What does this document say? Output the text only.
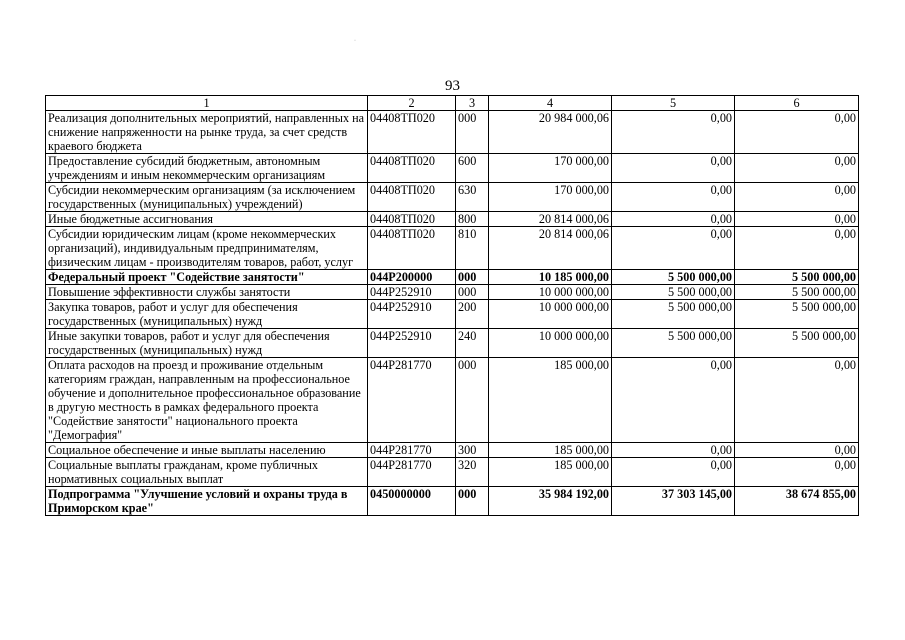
·
93
1	2	3	4	5	6
Реализация дополнительных мероприятий, направленных на снижение напряженности на рынке труда, за счет средств краевого бюджета	04408ТП020	000	20 984 000,06	0,00	0,00
Предоставление субсидий бюджетным, автономным учреждениям и иным некоммерческим организациям	04408ТП020	600	170 000,00	0,00	0,00
Субсидии некоммерческим организациям (за исключением государственных (муниципальных) учреждений)	04408ТП020	630	170 000,00	0,00	0,00
Иные бюджетные ассигнования	04408ТП020	800	20 814 000,06	0,00	0,00
Субсидии юридическим лицам (кроме некоммерческих организаций), индивидуальным предпринимателям, физическим лицам - производителям товаров, работ, услуг	04408ТП020	810	20 814 000,06	0,00	0,00
Федеральный проект "Содействие занятости"	044Р200000	000	10 185 000,00	5 500 000,00	5 500 000,00
Повышение эффективности службы занятости	044Р252910	000	10 000 000,00	5 500 000,00	5 500 000,00
Закупка товаров, работ и услуг для обеспечения государственных (муниципальных) нужд	044Р252910	200	10 000 000,00	5 500 000,00	5 500 000,00
Иные закупки товаров, работ и услуг для обеспечения государственных (муниципальных) нужд	044Р252910	240	10 000 000,00	5 500 000,00	5 500 000,00
Оплата расходов на проезд и проживание отдельным категориям граждан, направленным на профессиональное обучение и дополнительное профессиональное образование в другую местность в рамках федерального проекта "Содействие занятости" национального проекта "Демография"	044Р281770	000	185 000,00	0,00	0,00
Социальное обеспечение и иные выплаты населению	044Р281770	300	185 000,00	0,00	0,00
Социальные выплаты гражданам, кроме публичных нормативных социальных выплат	044Р281770	320	185 000,00	0,00	0,00
Подпрограмма "Улучшение условий и охраны труда в Приморском крае"	0450000000	000	35 984 192,00	37 303 145,00	38 674 855,00
